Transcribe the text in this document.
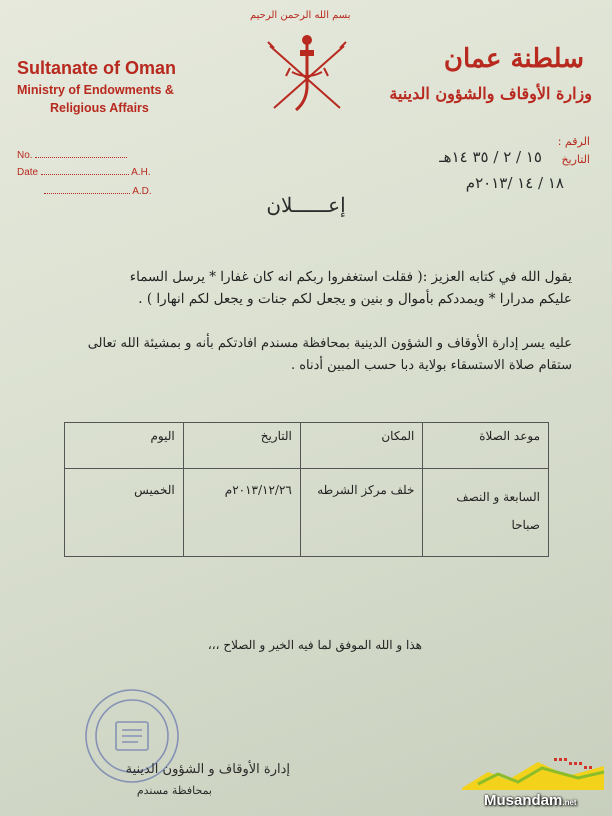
Sultanate of Oman
Ministry of Endowments &
Religious Affairs
No.
Date	A.H.
A.D.
بسم الله الرحمن الرحيم
سلطنة عمان
وزارة الأوقاف والشؤون الدينية
الرقم :
التاريخ
١٥ / ٢ / ٣٥ ١٤هـ
١٨ / ١٤ /٢٠١٣م
إعــــــلان
يقول الله في كتابه العزيز :( فقلت استغفروا ربكم انه كان غفارا * يرسل السماء
عليكم مدرارا * ويمددكم بأموال و بنين و يجعل لكم جنات و يجعل لكم انهارا ) .
عليه يسر إدارة الأوقاف و الشؤون الدينية بمحافظة مسندم افادتكم بأنه و بمشيئة الله تعالى
ستقام صلاة الاستسقاء بولاية دبا حسب المبين أدناه .
اليوم	التاريخ	المكان	موعد الصلاة
الخميس	٢٠١٣/١٢/٢٦م	خلف مركز الشرطه	السابعة و النصف صباحا
هذا و الله الموفق لما فيه الخير و الصلاح ،،،
إدارة الأوقاف و الشؤون الدينية
بمحافظة مسندم
Musandam.net
